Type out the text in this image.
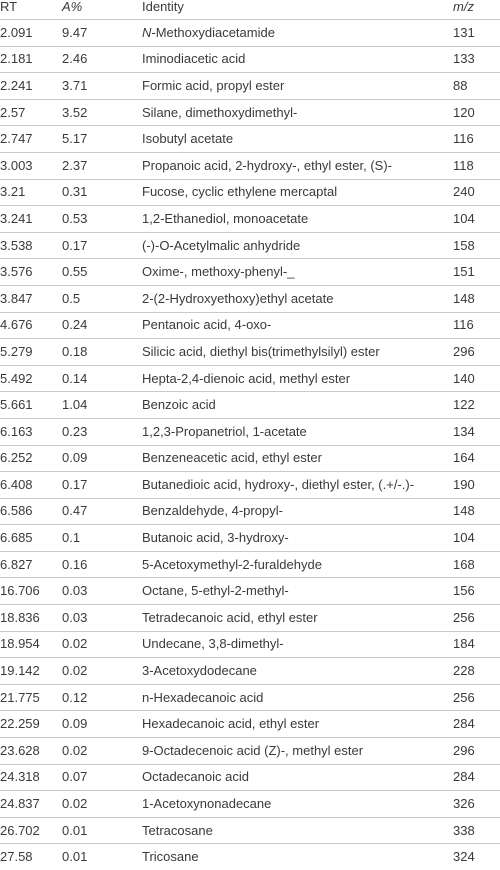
RT	A%	Identity	m/z
2.091	9.47	N-Methoxydiacetamide	131
2.181	2.46	Iminodiacetic acid	133
2.241	3.71	Formic acid, propyl ester	88
2.57	3.52	Silane, dimethoxydimethyl-	120
2.747	5.17	Isobutyl acetate	116
3.003	2.37	Propanoic acid, 2-hydroxy-, ethyl ester, (S)-	118
3.21	0.31	Fucose, cyclic ethylene mercaptal	240
3.241	0.53	1,2-Ethanediol, monoacetate	104
3.538	0.17	(-)-O-Acetylmalic anhydride	158
3.576	0.55	Oxime-, methoxy-phenyl-_	151
3.847	0.5	2-(2-Hydroxyethoxy)ethyl acetate	148
4.676	0.24	Pentanoic acid, 4-oxo-	116
5.279	0.18	Silicic acid, diethyl bis(trimethylsilyl) ester	296
5.492	0.14	Hepta-2,4-dienoic acid, methyl ester	140
5.661	1.04	Benzoic acid	122
6.163	0.23	1,2,3-Propanetriol, 1-acetate	134
6.252	0.09	Benzeneacetic acid, ethyl ester	164
6.408	0.17	Butanedioic acid, hydroxy-, diethyl ester, (.+/-.)-	190
6.586	0.47	Benzaldehyde, 4-propyl-	148
6.685	0.1	Butanoic acid, 3-hydroxy-	104
6.827	0.16	5-Acetoxymethyl-2-furaldehyde	168
16.706	0.03	Octane, 5-ethyl-2-methyl-	156
18.836	0.03	Tetradecanoic acid, ethyl ester	256
18.954	0.02	Undecane, 3,8-dimethyl-	184
19.142	0.02	3-Acetoxydodecane	228
21.775	0.12	n-Hexadecanoic acid	256
22.259	0.09	Hexadecanoic acid, ethyl ester	284
23.628	0.02	9-Octadecenoic acid (Z)-, methyl ester	296
24.318	0.07	Octadecanoic acid	284
24.837	0.02	1-Acetoxynonadecane	326
26.702	0.01	Tetracosane	338
27.58	0.01	Tricosane	324
